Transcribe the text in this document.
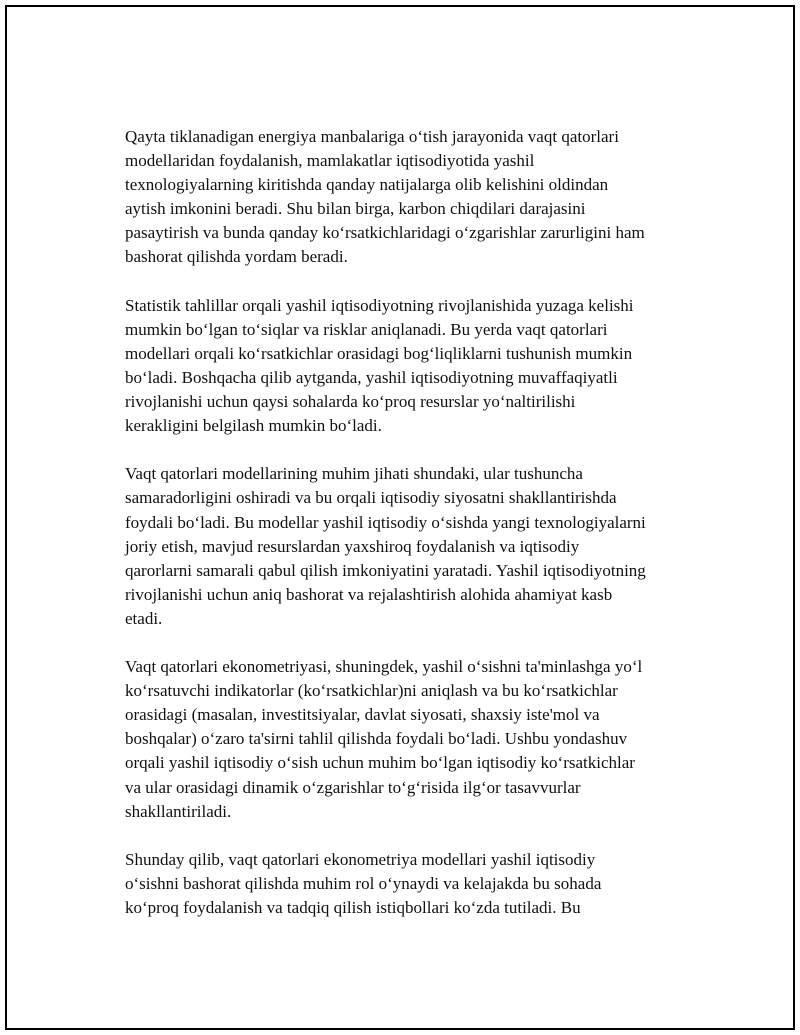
Qayta tiklanadigan energiya manbalariga o‘tish jarayonida vaqt qatorlari
modellaridan foydalanish, mamlakatlar iqtisodiyotida yashil
texnologiyalarning kiritishda qanday natijalarga olib kelishini oldindan
aytish imkonini beradi. Shu bilan birga, karbon chiqdilari darajasini
pasaytirish va bunda qanday ko‘rsatkichlaridagi o‘zgarishlar zarurligini ham
bashorat qilishda yordam beradi.

Statistik tahlillar orqali yashil iqtisodiyotning rivojlanishida yuzaga kelishi
mumkin bo‘lgan to‘siqlar va risklar aniqlanadi. Bu yerda vaqt qatorlari
modellari orqali ko‘rsatkichlar orasidagi bog‘liqliklarni tushunish mumkin
bo‘ladi. Boshqacha qilib aytganda, yashil iqtisodiyotning muvaffaqiyatli
rivojlanishi uchun qaysi sohalarda ko‘proq resurslar yo‘naltirilishi
kerakligini belgilash mumkin bo‘ladi.

Vaqt qatorlari modellarining muhim jihati shundaki, ular tushuncha
samaradorligini oshiradi va bu orqali iqtisodiy siyosatni shakllantirishda
foydali bo‘ladi. Bu modellar yashil iqtisodiy o‘sishda yangi texnologiyalarni
joriy etish, mavjud resurslardan yaxshiroq foydalanish va iqtisodiy
qarorlarni samarali qabul qilish imkoniyatini yaratadi. Yashil iqtisodiyotning
rivojlanishi uchun aniq bashorat va rejalashtirish alohida ahamiyat kasb
etadi.

Vaqt qatorlari ekonometriyasi, shuningdek, yashil o‘sishni ta'minlashga yo‘l
ko‘rsatuvchi indikatorlar (ko‘rsatkichlar)ni aniqlash va bu ko‘rsatkichlar
orasidagi (masalan, investitsiyalar, davlat siyosati, shaxsiy iste'mol va
boshqalar) o‘zaro ta'sirni tahlil qilishda foydali bo‘ladi. Ushbu yondashuv
orqali yashil iqtisodiy o‘sish uchun muhim bo‘lgan iqtisodiy ko‘rsatkichlar
va ular orasidagi dinamik o‘zgarishlar to‘g‘risida ilg‘or tasavvurlar
shakllantiriladi.

Shunday qilib, vaqt qatorlari ekonometriya modellari yashil iqtisodiy
o‘sishni bashorat qilishda muhim rol o‘ynaydi va kelajakda bu sohada
ko‘proq foydalanish va tadqiq qilish istiqbollari ko‘zda tutiladi. Bu
